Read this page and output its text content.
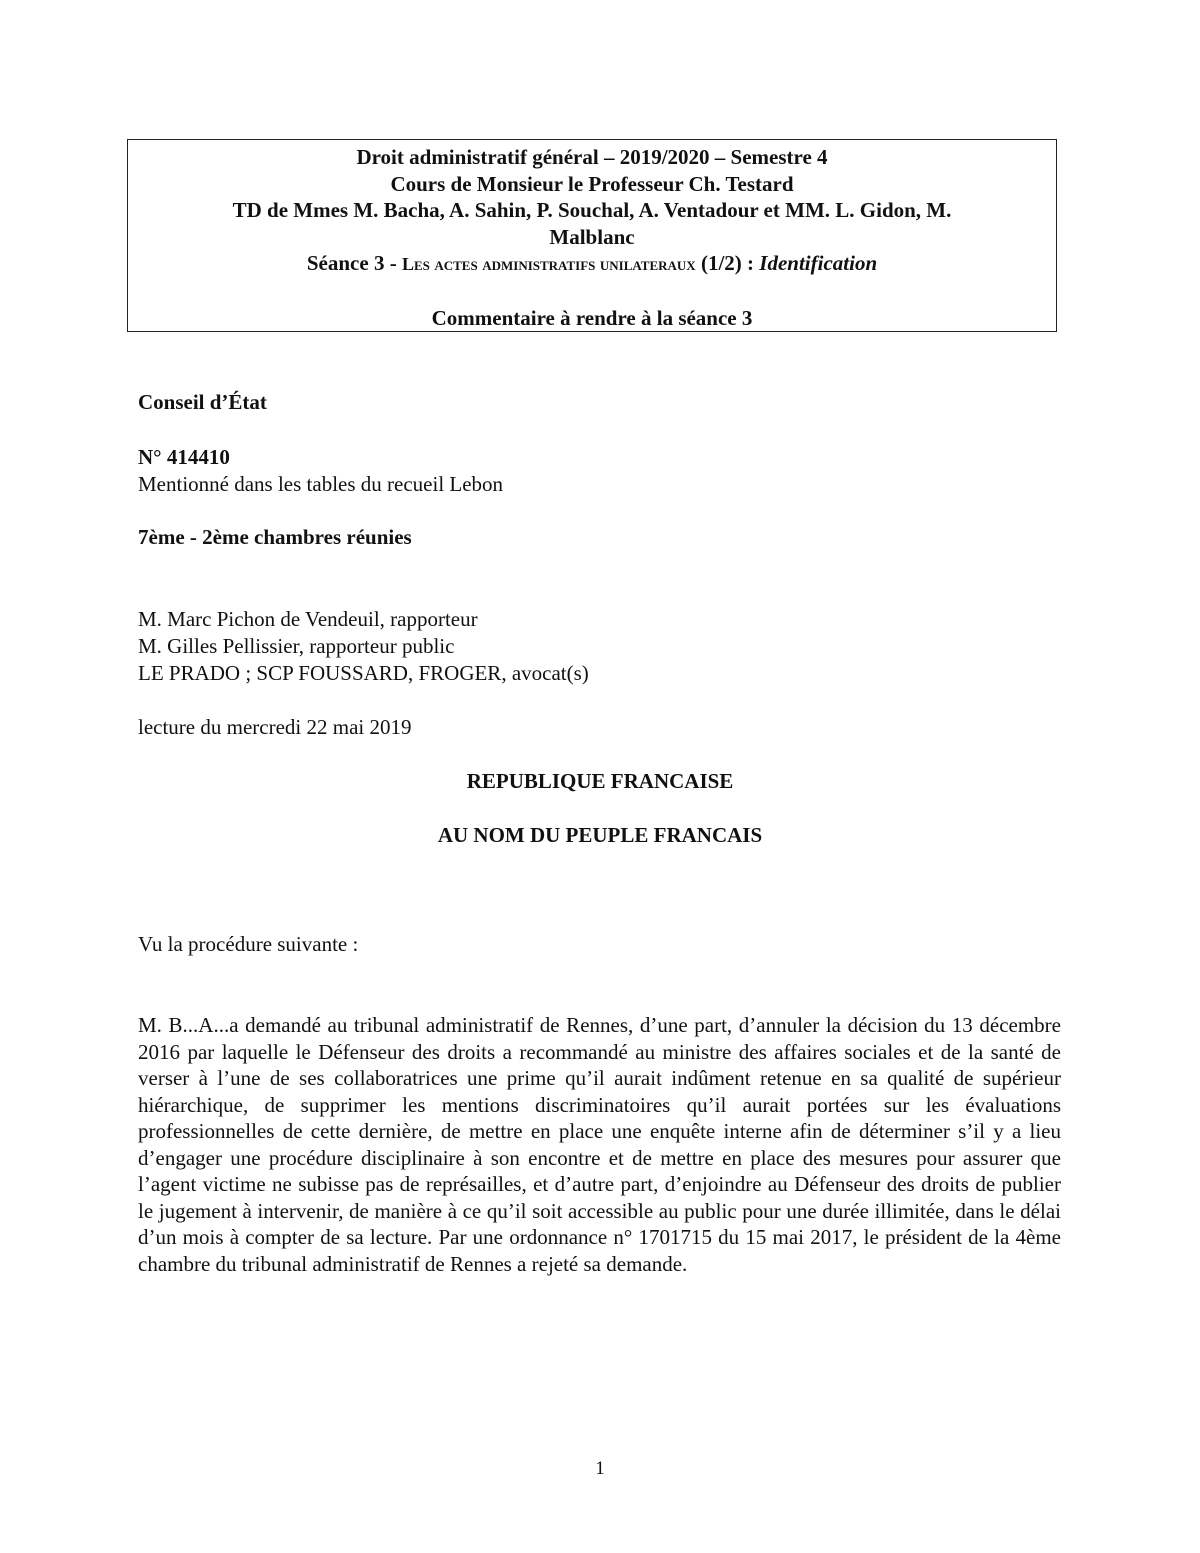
Droit administratif général – 2019/2020 – Semestre 4
Cours de Monsieur le Professeur Ch. Testard
TD de Mmes M. Bacha, A. Sahin, P. Souchal, A. Ventadour et MM. L. Gidon, M. Malblanc
Séance 3 - Les actes administratifs unilateraux (1/2) : Identification
Commentaire à rendre à la séance 3
Conseil d’État
N° 414410
Mentionné dans les tables du recueil Lebon
7ème - 2ème chambres réunies
M. Marc Pichon de Vendeuil, rapporteur
M. Gilles Pellissier, rapporteur public
LE PRADO ; SCP FOUSSARD, FROGER, avocat(s)
lecture du mercredi 22 mai 2019
REPUBLIQUE FRANCAISE
AU NOM DU PEUPLE FRANCAIS
Vu la procédure suivante :
M. B...A...a demandé au tribunal administratif de Rennes, d’une part, d’annuler la décision du 13 décembre 2016 par laquelle le Défenseur des droits a recommandé au ministre des affaires sociales et de la santé de verser à l’une de ses collaboratrices une prime qu’il aurait indûment retenue en sa qualité de supérieur hiérarchique, de supprimer les mentions discriminatoires qu’il aurait portées sur les évaluations professionnelles de cette dernière, de mettre en place une enquête interne afin de déterminer s’il y a lieu d’engager une procédure disciplinaire à son encontre et de mettre en place des mesures pour assurer que l’agent victime ne subisse pas de représailles, et d’autre part, d’enjoindre au Défenseur des droits de publier le jugement à intervenir, de manière à ce qu’il soit accessible au public pour une durée illimitée, dans le délai d’un mois à compter de sa lecture. Par une ordonnance n° 1701715 du 15 mai 2017, le président de la 4ème chambre du tribunal administratif de Rennes a rejeté sa demande.
1
